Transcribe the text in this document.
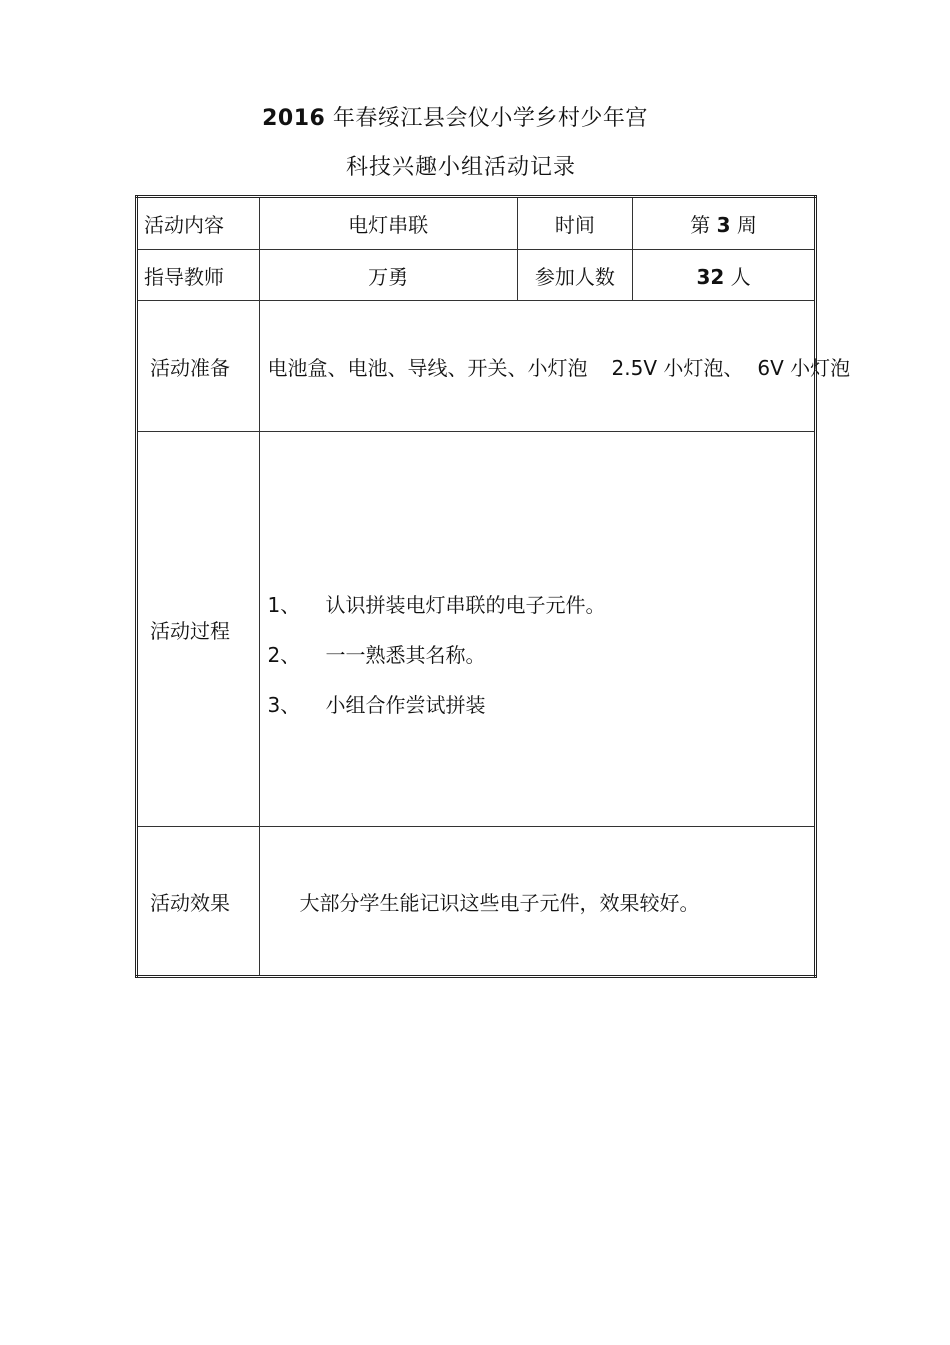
2016 年春绥江县会仪小学乡村少年宫
科技兴趣小组活动记录
活动内容	电灯串联	时间	第 3 周
指导教师	万勇	参加人数	32 人
活动准备	电池盒、电池、导线、开关、小灯泡 2.5V 小灯泡、 6V 小灯泡		
活动过程	1、 认识拼装电灯串联的电子元件。
2、 一一熟悉其名称。
3、 小组合作尝试拼装		

活动效果	大部分学生能记识这些电子元件，效果较好。		
